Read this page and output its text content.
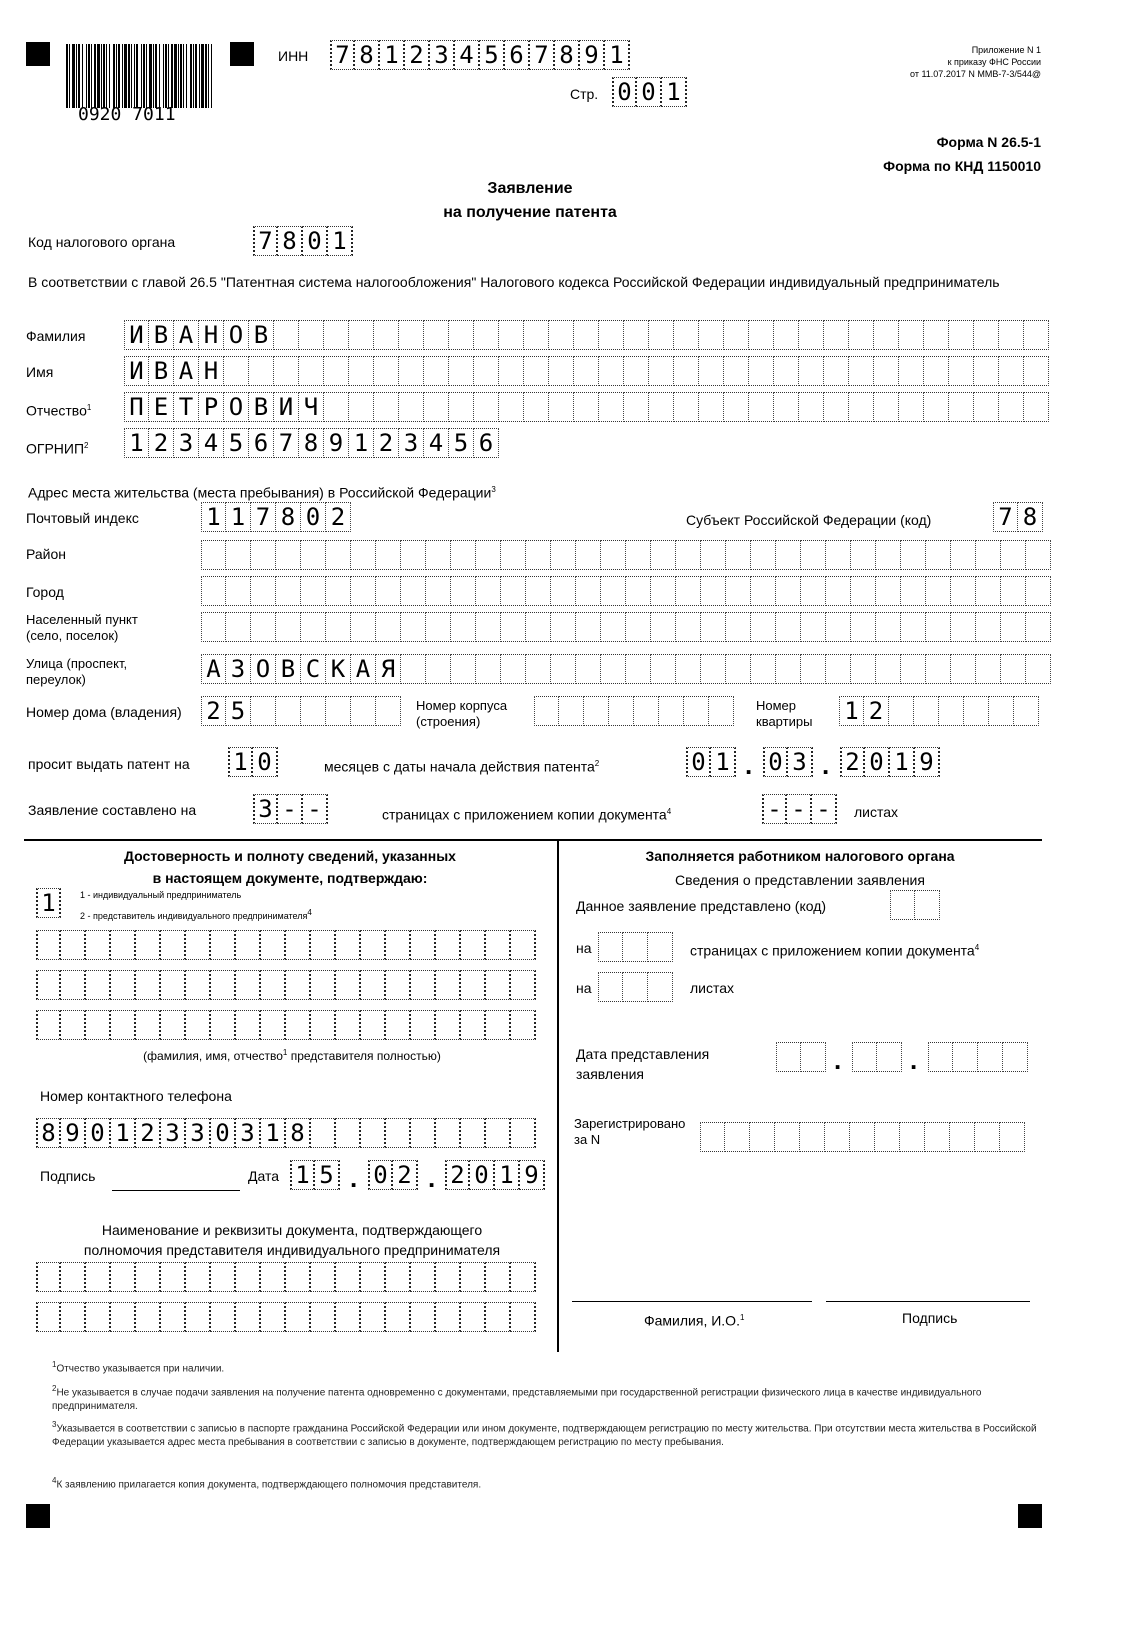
0920 7011
ИНН 7 8 1 2 3 4 5 6 7 8 9 1
Стр. 0 0 1
Приложение N 1
к приказу ФНС России
от 11.07.2017 N ММВ-7-3/544@
Форма N 26.5-1
Форма по КНД 1150010
Заявление
на получение патента
Код налогового органа	7 8 0 1
В соответствии с главой 26.5 "Патентная система налогообложения" Налогового кодекса Российской Федерации индивидуальный предприниматель
Фамилия И В А Н О В
Имя	И В А Н
Отчество$^1$ П Е Т Р О В И Ч
ОГРНИП$^2$ 1 2 3 4 5 6 7 8 9 1 2 3 4 5 6
Адрес места жительства (места пребывания) в Российской Федерации$^3$
Почтовый индекс	1 1 7 8 0 2	Субъект Российской Федерации (код)	7 8
Район
Город
Населенный пункт
(село, поселок)
Улица (проспект,
переулок)	А З О В С К А Я
Номер дома (владения) 2 5	Номер корпуса
(строения)
Номер
квартиры 1 2
просит выдать патент на 1 0	месяцев с даты начала действия патента$^2$	0 1 . 0 3 . 2 0 1 9
Заявление составлено на	3 - -	страницах с приложением копии документа$^4$	- - -	листах
Достоверность и полноту сведений, указанных
в настоящем документе, подтверждаю:
1	1 - индивидуальный предприниматель
2 - представитель индивидуального предпринимателя$^4$
(фамилия, имя, отчество$^1$ представителя полностью)
Номер контактного телефона
8 9 0 1 2 3 3 0 3 1 8
Подпись	Дата 1 5 . 0 2 . 2 0 1 9
Наименование и реквизиты документа, подтверждающего
полномочия представителя индивидуального предпринимателя
Заполняется работником налогового органа
Сведения о представлении заявления
Данное заявление представлено (код)
на	страницах с приложением копии документа$^4$
на	листах
Дата представления
заявления	.	.
Зарегистрировано
за N
Фамилия, И.О.$^1$	Подпись
$^1$Отчество указывается при наличии.
$^2$Не указывается в случае подачи заявления на получение патента одновременно с документами, представляемыми при государственной регистрации физического лица в качестве индивидуального предпринимателя.
$^3$Указывается в соответствии с записью в паспорте гражданина Российской Федерации или ином документе, подтверждающем регистрацию по месту жительства. При отсутствии места жительства в Российской Федерации указывается адрес места пребывания в соответствии с записью в документе, подтверждающем регистрацию по месту пребывания.
$^4$К заявлению прилагается копия документа, подтверждающего полномочия представителя.
